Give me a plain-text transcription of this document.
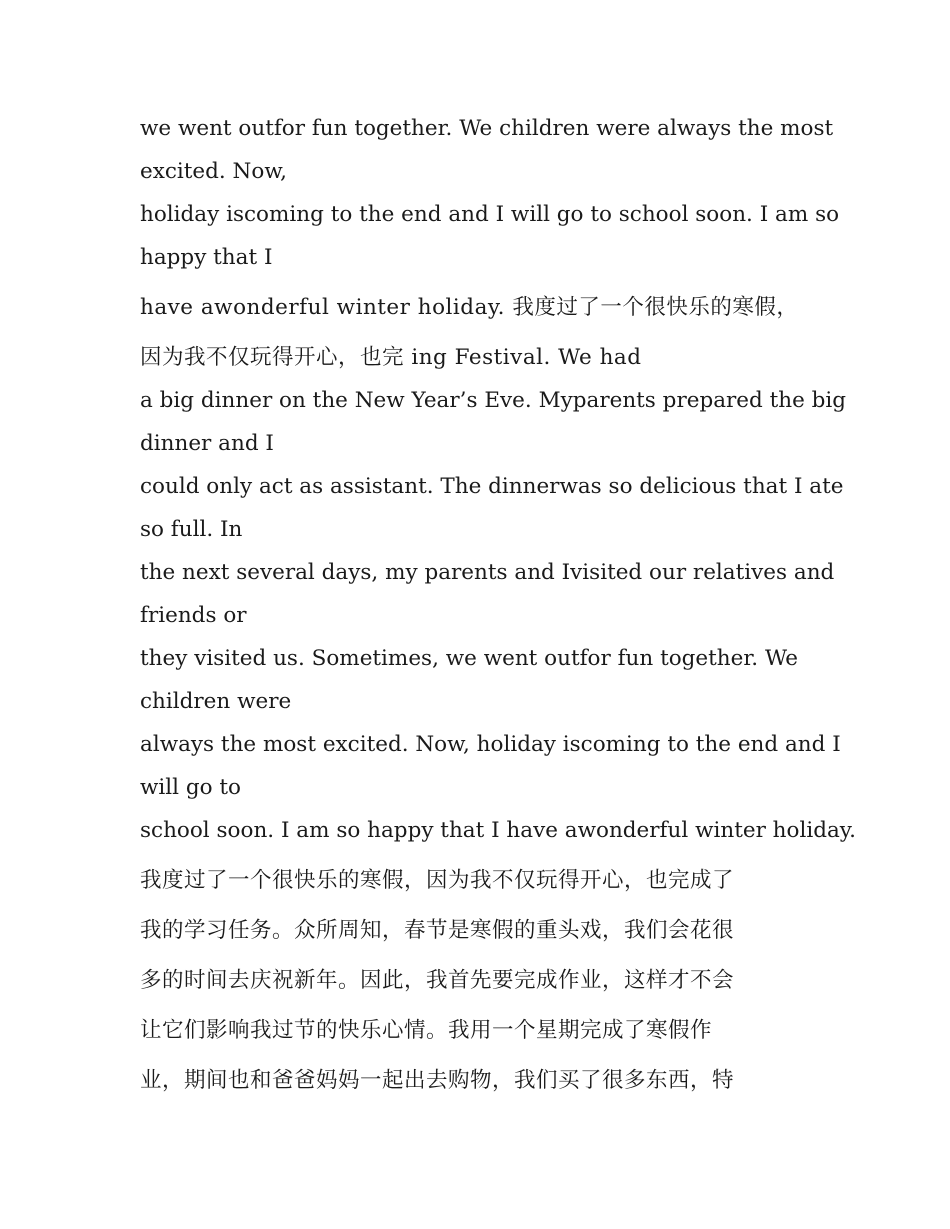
we went outfor fun together. We children were always the most
excited. Now,
holiday iscoming to the end and I will go to school soon. I am so
happy that I
have awonderful winter holiday. 我度过了一个很快乐的寒假，
因为我不仅玩得开心，也完 ing Festival. We had
a big dinner on the New Year’s Eve. Myparents prepared the big
dinner and I
could only act as assistant. The dinnerwas so delicious that I ate
so full. In
the next several days, my parents and Ivisited our relatives and
friends or
they visited us. Sometimes, we went outfor fun together. We
children were
always the most excited. Now, holiday iscoming to the end and I
will go to
school soon. I am so happy that I have awonderful winter holiday.
我度过了一个很快乐的寒假，因为我不仅玩得开心，也完成了
我的学习任务。众所周知，春节是寒假的重头戏，我们会花很
多的时间去庆祝新年。因此，我首先要完成作业，这样才不会
让它们影响我过节的快乐心情。我用一个星期完成了寒假作
业，期间也和爸爸妈妈一起出去购物，我们买了很多东西，特
